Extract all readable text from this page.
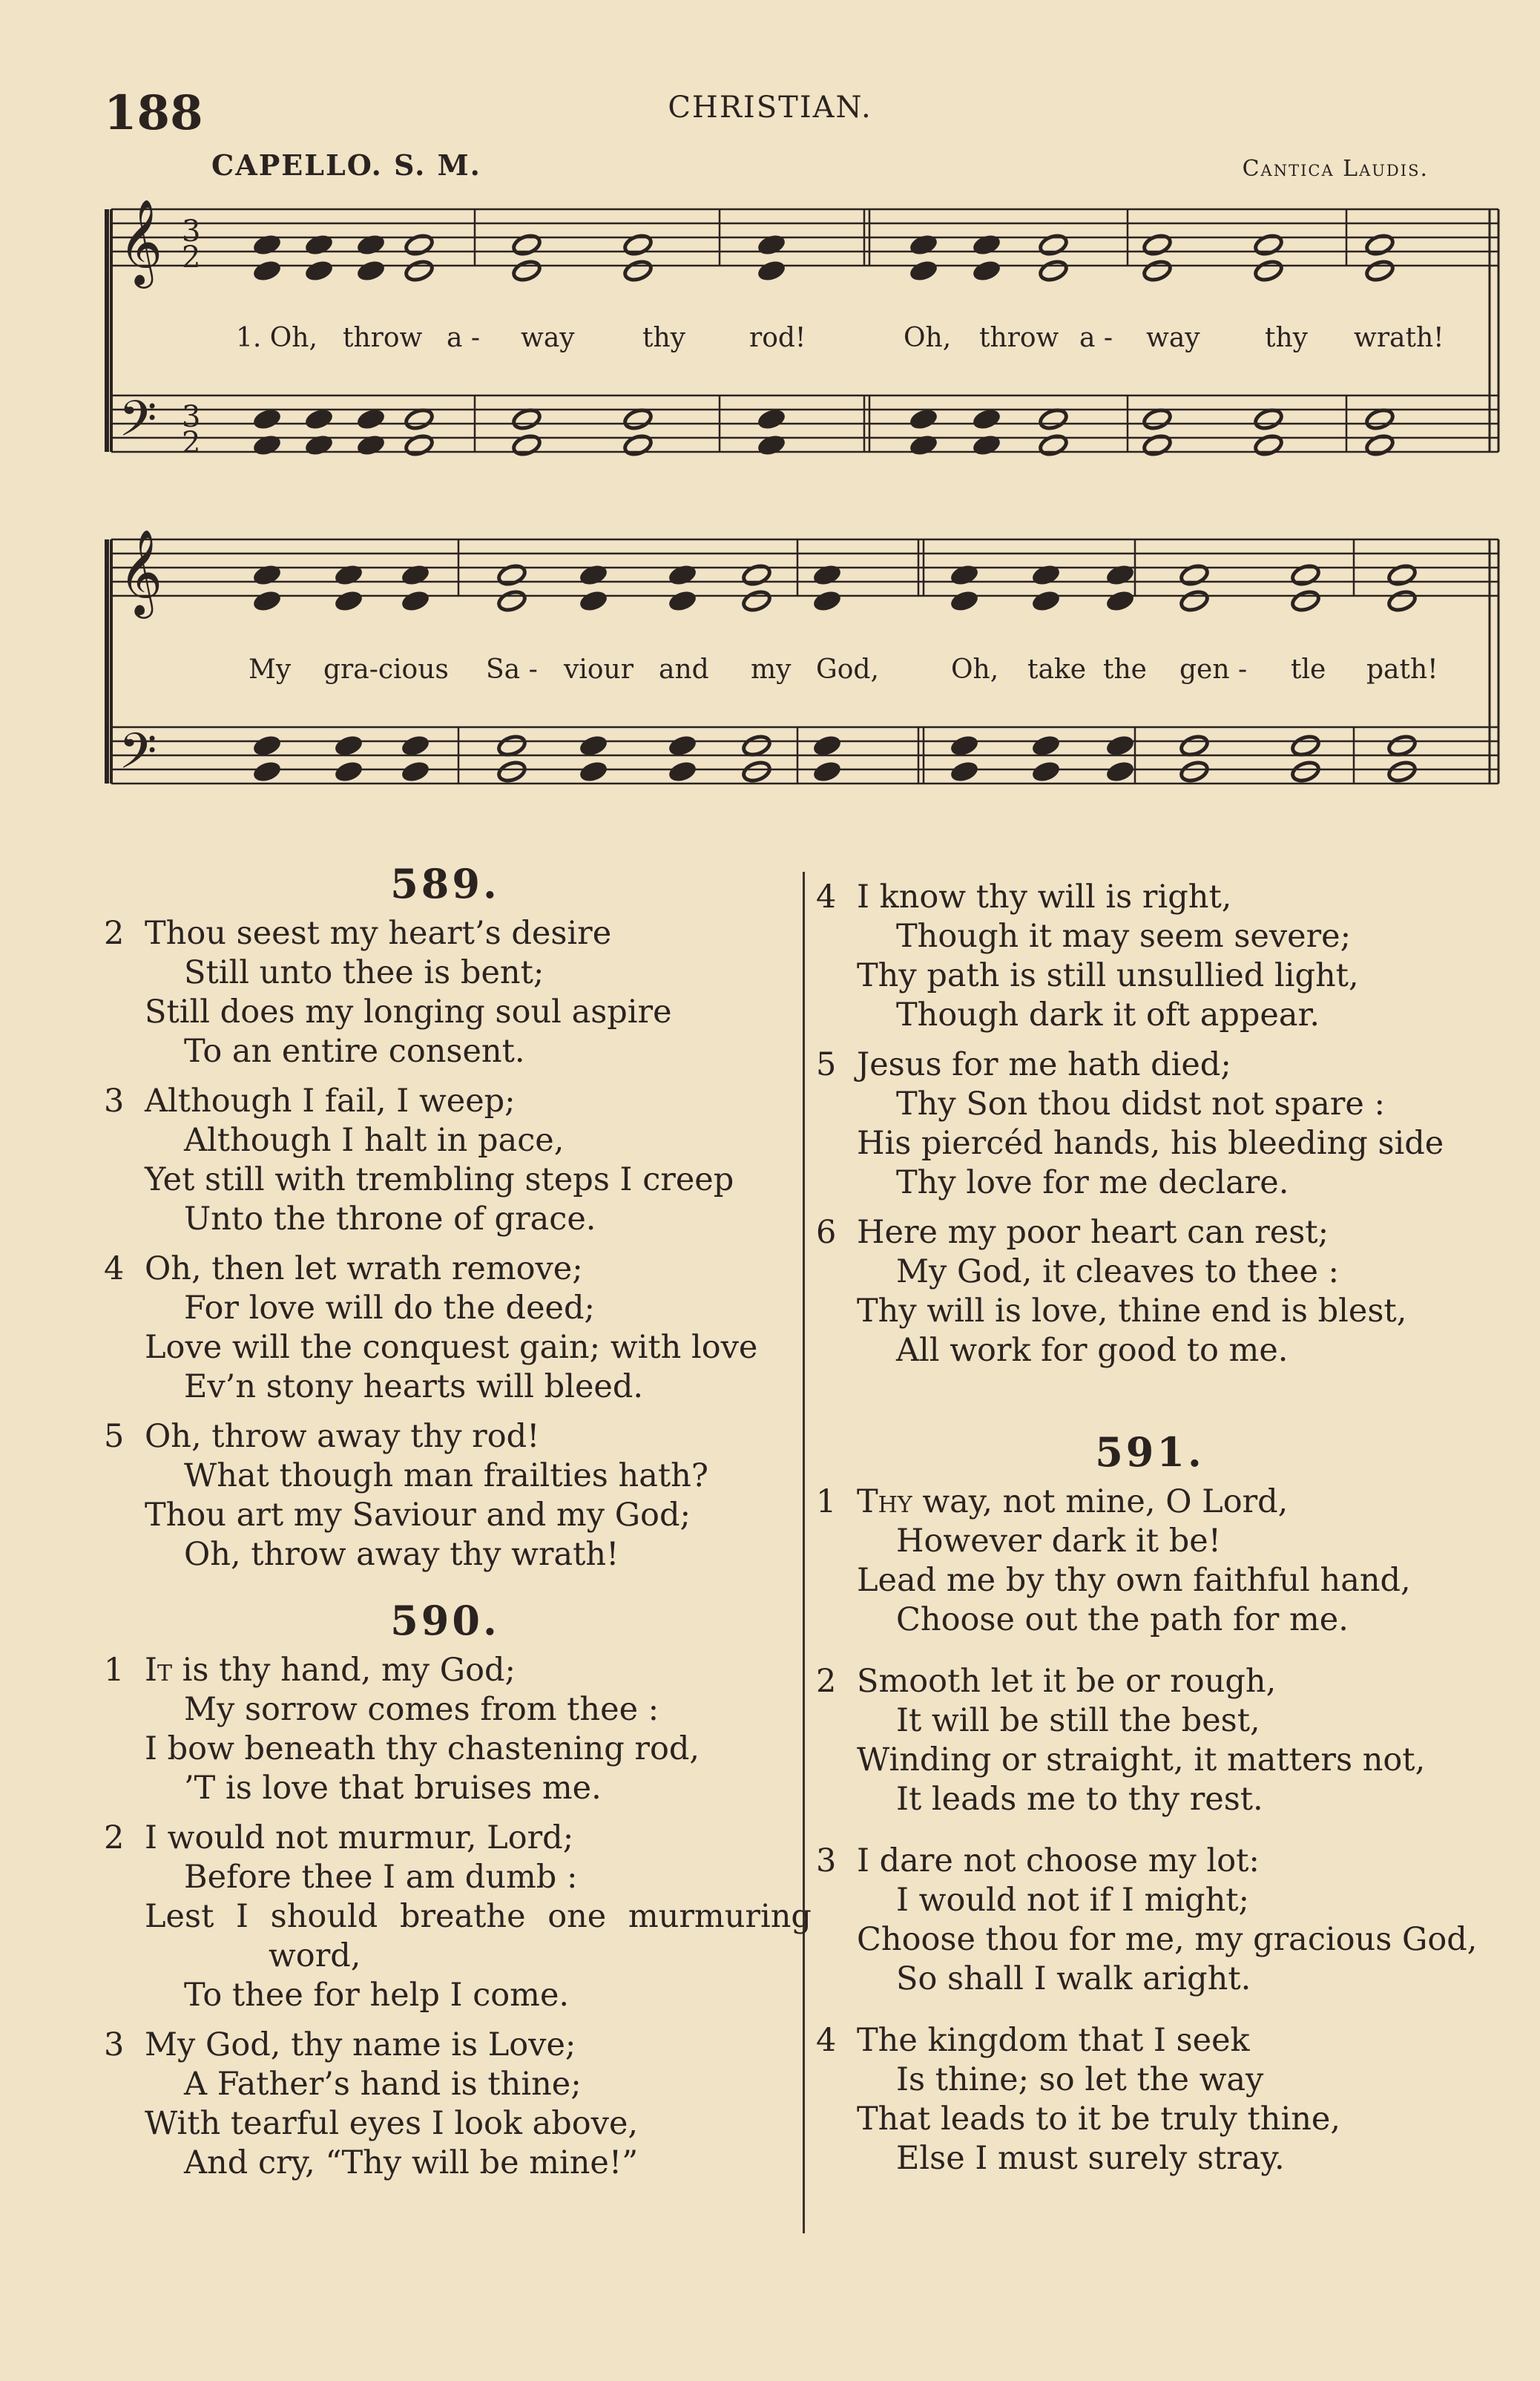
188	CHRISTIAN.
CAPELLO. S. M.	Cantica Laudis.
𝄞
𝄢
𝄞
𝄢
3
2
3
2
1. Oh, throw a - way	thy rod!	Oh, throw a - way thy wrath!
My gra-cious Sa - viour and my God,	Oh, take the gen - tle path!
589.
2 Thou seest my heart’s desire
Still unto thee is bent;
Still does my longing soul aspire
To an entire consent.
3 Although I fail, I weep;
Although I halt in pace,
Yet still with trembling steps I creep
Unto the throne of grace.
4 Oh, then let wrath remove;
For love will do the deed;
Love will the conquest gain; with love
Ev’n stony hearts will bleed.
5 Oh, throw away thy rod!
What though man frailties hath?
Thou art my Saviour and my God;
Oh, throw away thy wrath!
590.
1 It is thy hand, my God;
My sorrow comes from thee :
I bow beneath thy chastening rod,
’T is love that bruises me.
2 I would not murmur, Lord;
Before thee I am dumb :
Lest I should breathe one murmuring
word,
To thee for help I come.
3 My God, thy name is Love;
A Father’s hand is thine;
With tearful eyes I look above,
And cry, “Thy will be mine!”
4 I know thy will is right,
Though it may seem severe;
Thy path is still unsullied light,
Though dark it oft appear.
5 Jesus for me hath died;
Thy Son thou didst not spare :
His piercéd hands, his bleeding side
Thy love for me declare.
6 Here my poor heart can rest;
My God, it cleaves to thee :
Thy will is love, thine end is blest,
All work for good to me.
591.
1 Thy way, not mine, O Lord,
However dark it be!
Lead me by thy own faithful hand,
Choose out the path for me.
2 Smooth let it be or rough,
It will be still the best,
Winding or straight, it matters not,
It leads me to thy rest.
3 I dare not choose my lot:
I would not if I might;
Choose thou for me, my gracious God,
So shall I walk aright.
4 The kingdom that I seek
Is thine; so let the way
That leads to it be truly thine,
Else I must surely stray.
